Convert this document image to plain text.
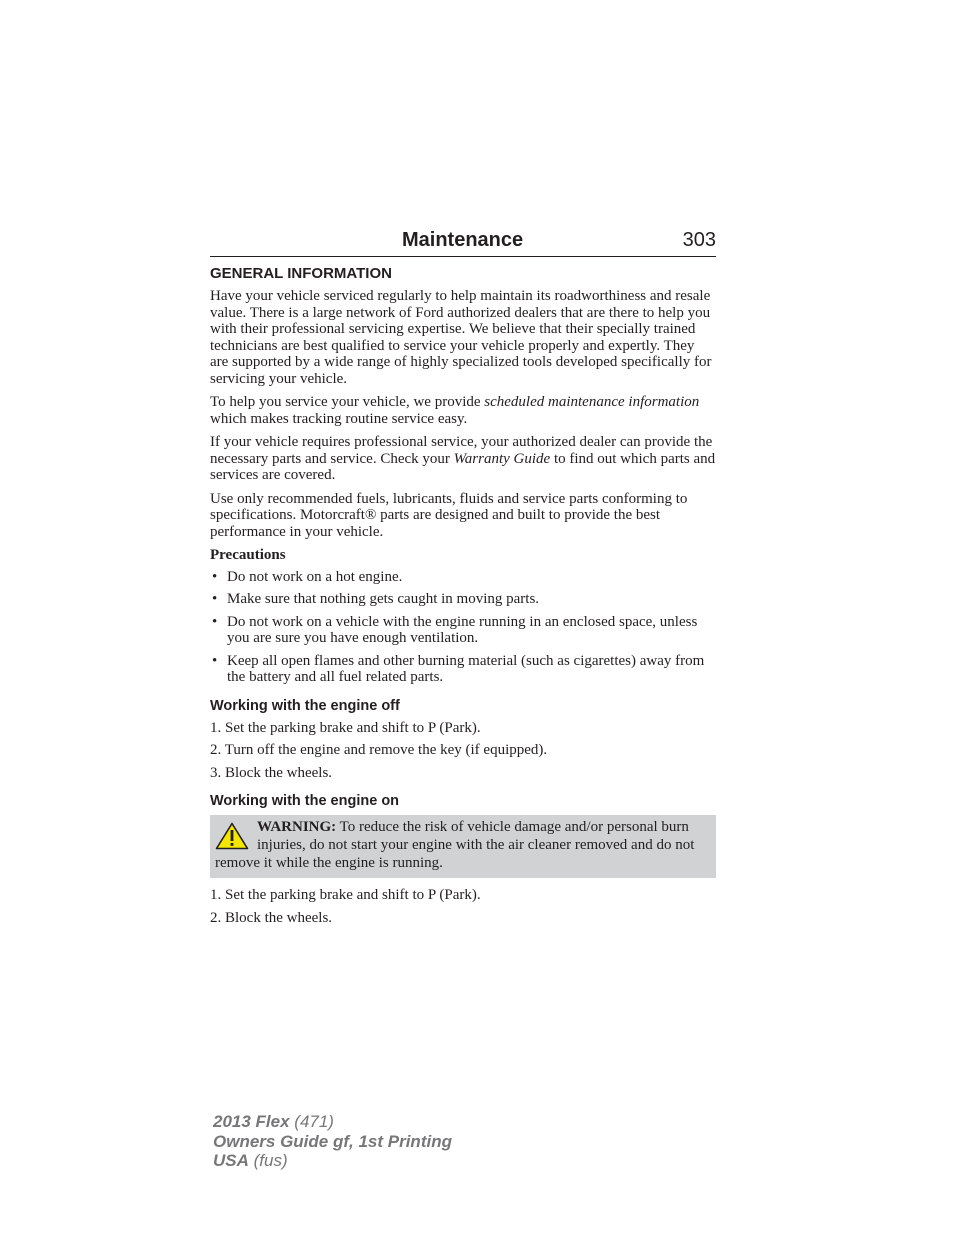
Maintenance	303
GENERAL INFORMATION

Have your vehicle serviced regularly to help maintain its roadworthiness and resale value. There is a large network of Ford authorized dealers that are there to help you with their professional servicing expertise. We believe that their specially trained technicians are best qualified to service your vehicle properly and expertly. They are supported by a wide range of highly specialized tools developed specifically for servicing your vehicle.

To help you service your vehicle, we provide scheduled maintenance information which makes tracking routine service easy.

If your vehicle requires professional service, your authorized dealer can provide the necessary parts and service. Check your Warranty Guide to find out which parts and services are covered.

Use only recommended fuels, lubricants, fluids and service parts conforming to specifications. Motorcraft® parts are designed and built to provide the best performance in your vehicle.

Precautions

• Do not work on a hot engine.
• Make sure that nothing gets caught in moving parts.
• Do not work on a vehicle with the engine running in an enclosed space, unless you are sure you have enough ventilation.
• Keep all open flames and other burning material (such as cigarettes) away from the battery and all fuel related parts.
Working with the engine off
1. Set the parking brake and shift to P (Park).
2. Turn off the engine and remove the key (if equipped).
3. Block the wheels.
Working with the engine on

WARNING: To reduce the risk of vehicle damage and/or personal burn injuries, do not start your engine with the air cleaner removed and do not remove it while the engine is running.

1. Set the parking brake and shift to P (Park).
2. Block the wheels.
2013 Flex (471)
Owners Guide gf, 1st Printing
USA (fus)
